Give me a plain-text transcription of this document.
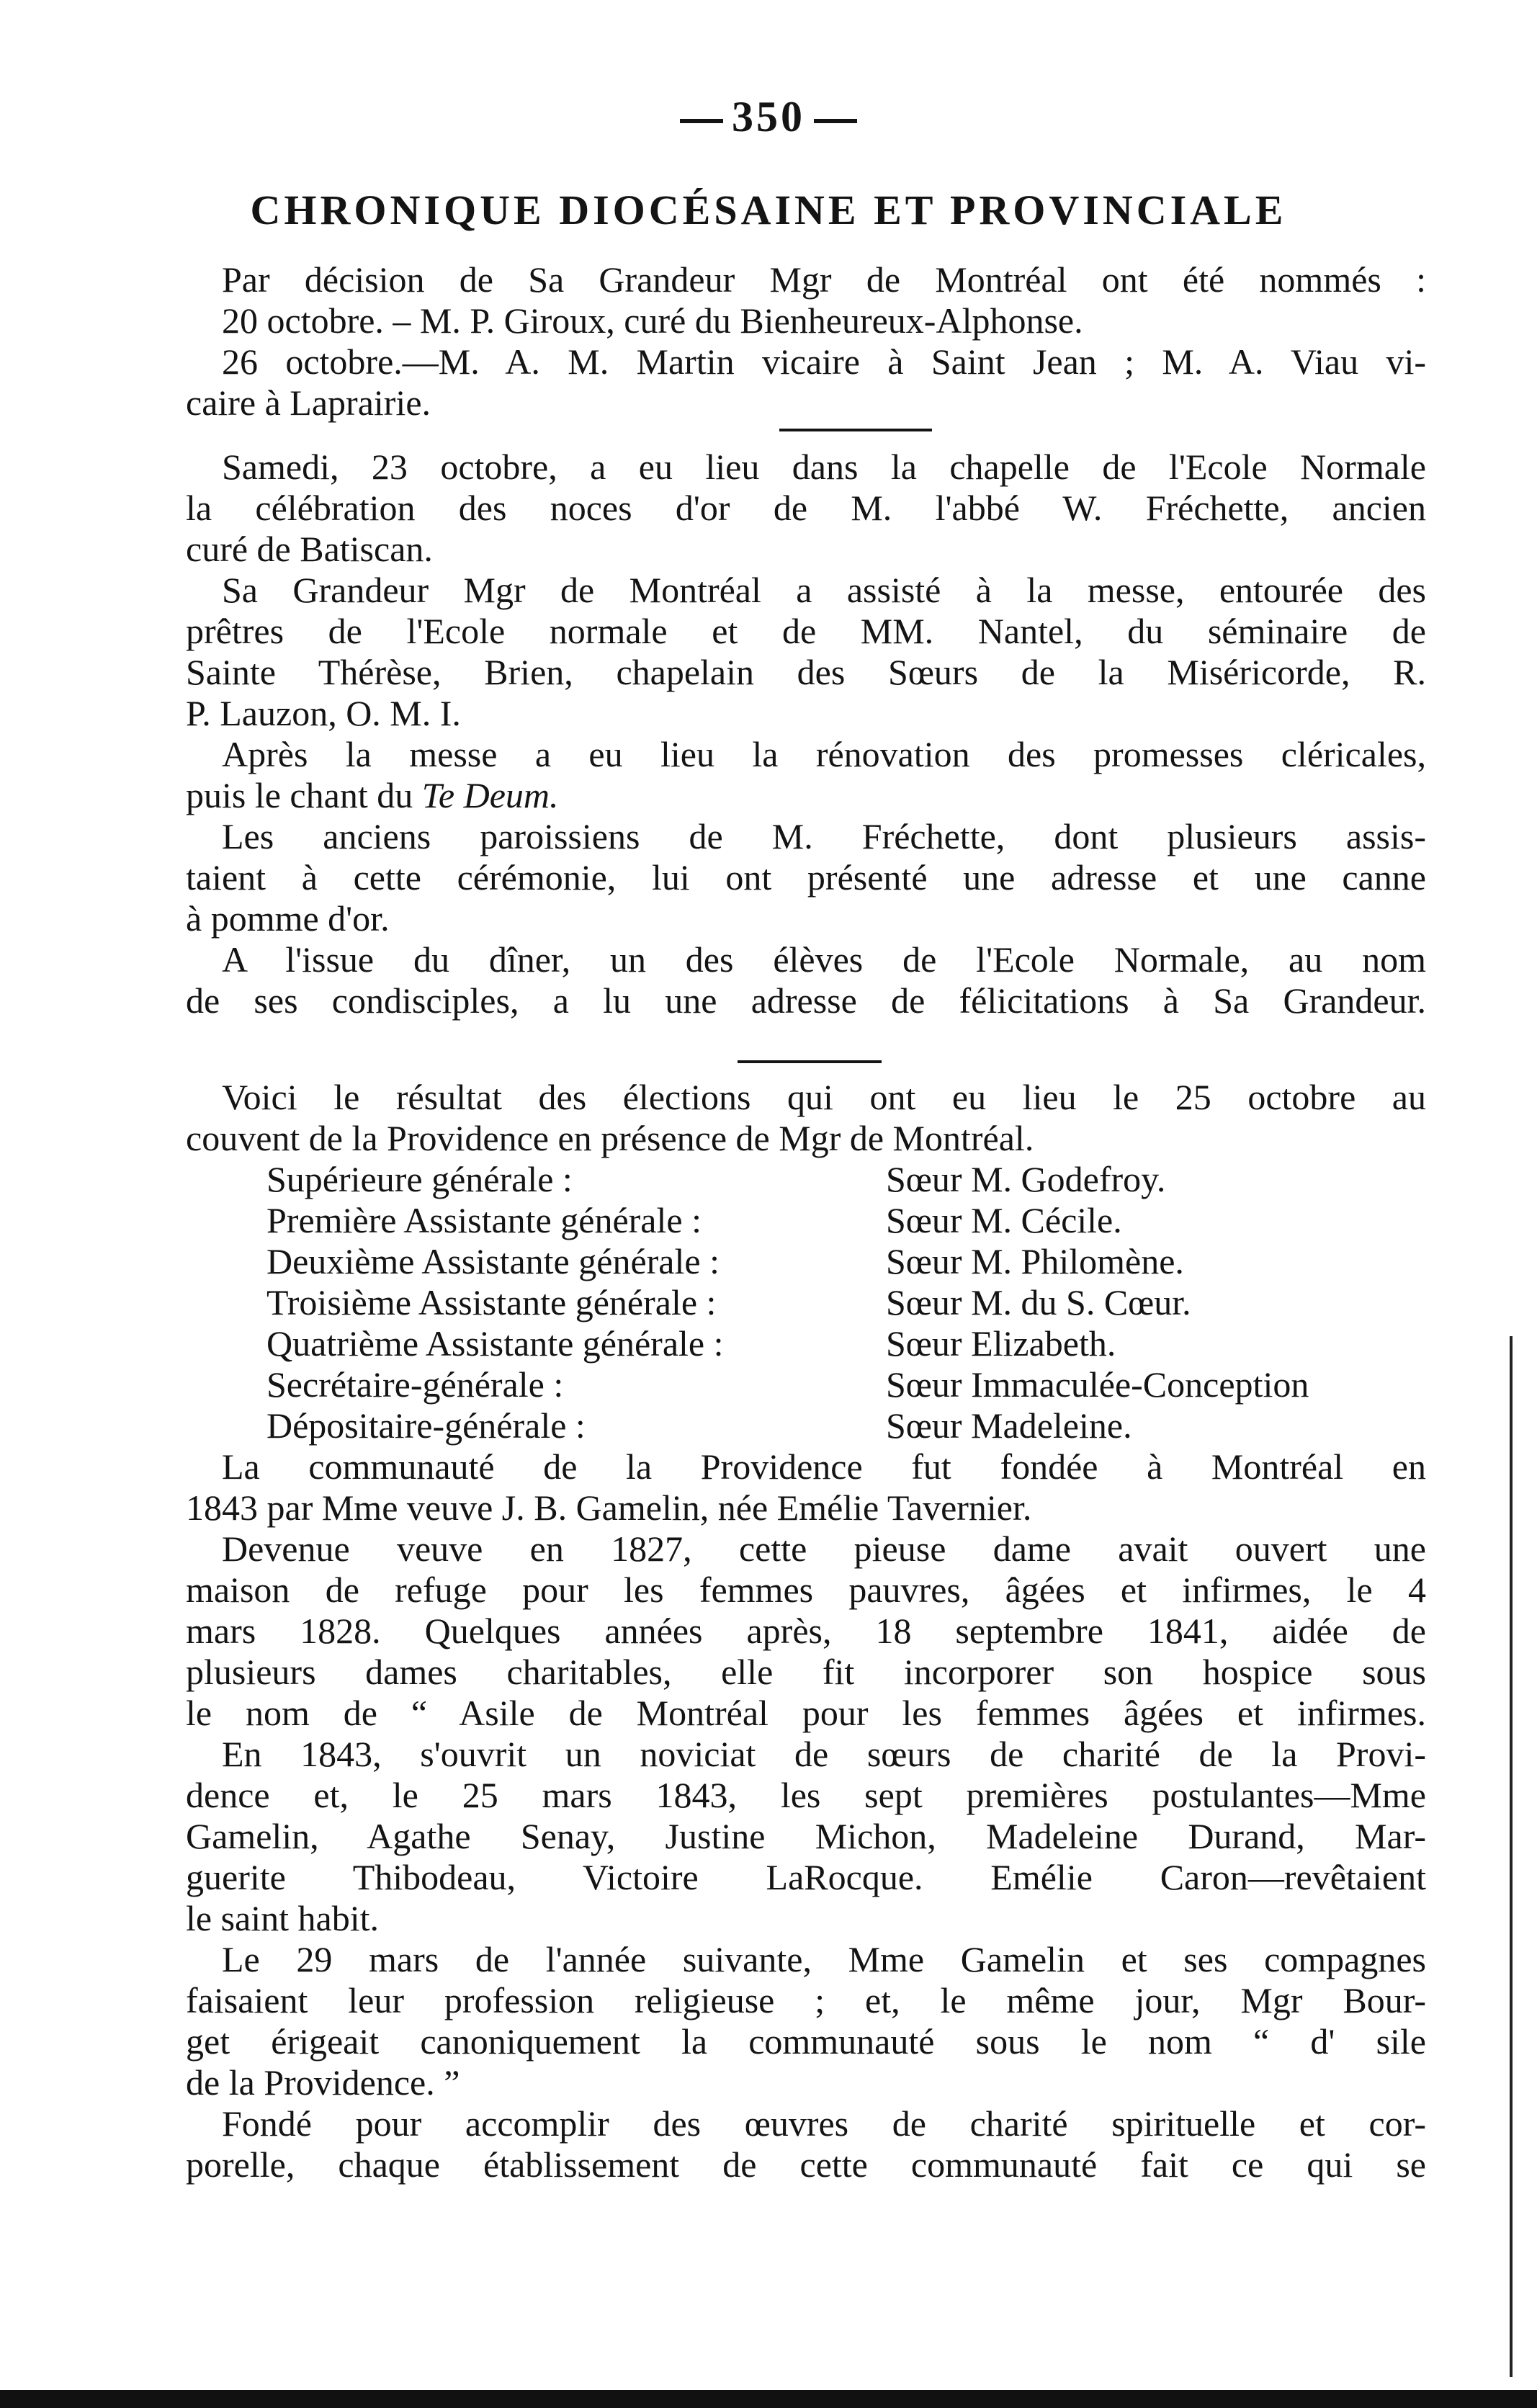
350
CHRONIQUE DIOCÉSAINE ET PROVINCIALE
Par décision de Sa Grandeur Mgr de Montréal ont été nommés :
20 octobre. – M. P. Giroux, curé du Bienheureux-Alphonse.
26 octobre.—M. A. M. Martin vicaire à Saint Jean ; M. A. Viau vi-
caire à Laprairie.
Samedi, 23 octobre, a eu lieu dans la chapelle de l'Ecole Normale
la célébration des noces d'or de M. l'abbé W. Fréchette, ancien
curé de Batiscan.
Sa Grandeur Mgr de Montréal a assisté à la messe, entourée des
prêtres de l'Ecole normale et de MM. Nantel, du séminaire de
Sainte Thérèse, Brien, chapelain des Sœurs de la Miséricorde, R.
P. Lauzon, O. M. I.
Après la messe a eu lieu la rénovation des promesses cléricales,
puis le chant du Te Deum.
Les anciens paroissiens de M. Fréchette, dont plusieurs assis-
taient à cette cérémonie, lui ont présenté une adresse et une canne
à pomme d'or.
A l'issue du dîner, un des élèves de l'Ecole Normale, au nom
de ses condisciples, a lu une adresse de félicitations à Sa Grandeur.
Voici le résultat des élections qui ont eu lieu le 25 octobre au
couvent de la Providence en présence de Mgr de Montréal.
Supérieure générale :	Sœur M. Godefroy.
Première Assistante générale :	Sœur M. Cécile.
Deuxième Assistante générale :	Sœur M. Philomène.
Troisième Assistante générale :	Sœur M. du S. Cœur.
Quatrième Assistante générale :	Sœur Elizabeth.
Secrétaire-générale :	Sœur Immaculée-Conception
Dépositaire-générale :	Sœur Madeleine.
La communauté de la Providence fut fondée à Montréal en
1843 par Mme veuve J. B. Gamelin, née Emélie Tavernier.
Devenue veuve en 1827, cette pieuse dame avait ouvert une
maison de refuge pour les femmes pauvres, âgées et infirmes, le 4
mars 1828. Quelques années après, 18 septembre 1841, aidée de
plusieurs dames charitables, elle fit incorporer son hospice sous
le nom de “ Asile de Montréal pour les femmes âgées et infirmes.
En 1843, s'ouvrit un noviciat de sœurs de charité de la Provi-
dence et, le 25 mars 1843, les sept premières postulantes—Mme
Gamelin, Agathe Senay, Justine Michon, Madeleine Durand, Mar-
guerite Thibodeau, Victoire LaRocque. Emélie Caron—revêtaient
le saint habit.
Le 29 mars de l'année suivante, Mme Gamelin et ses compagnes
faisaient leur profession religieuse ; et, le même jour, Mgr Bour-
get érigeait canoniquement la communauté sous le nom “ d' sile
de la Providence. ”
Fondé pour accomplir des œuvres de charité spirituelle et cor-
porelle, chaque établissement de cette communauté fait ce qui se
